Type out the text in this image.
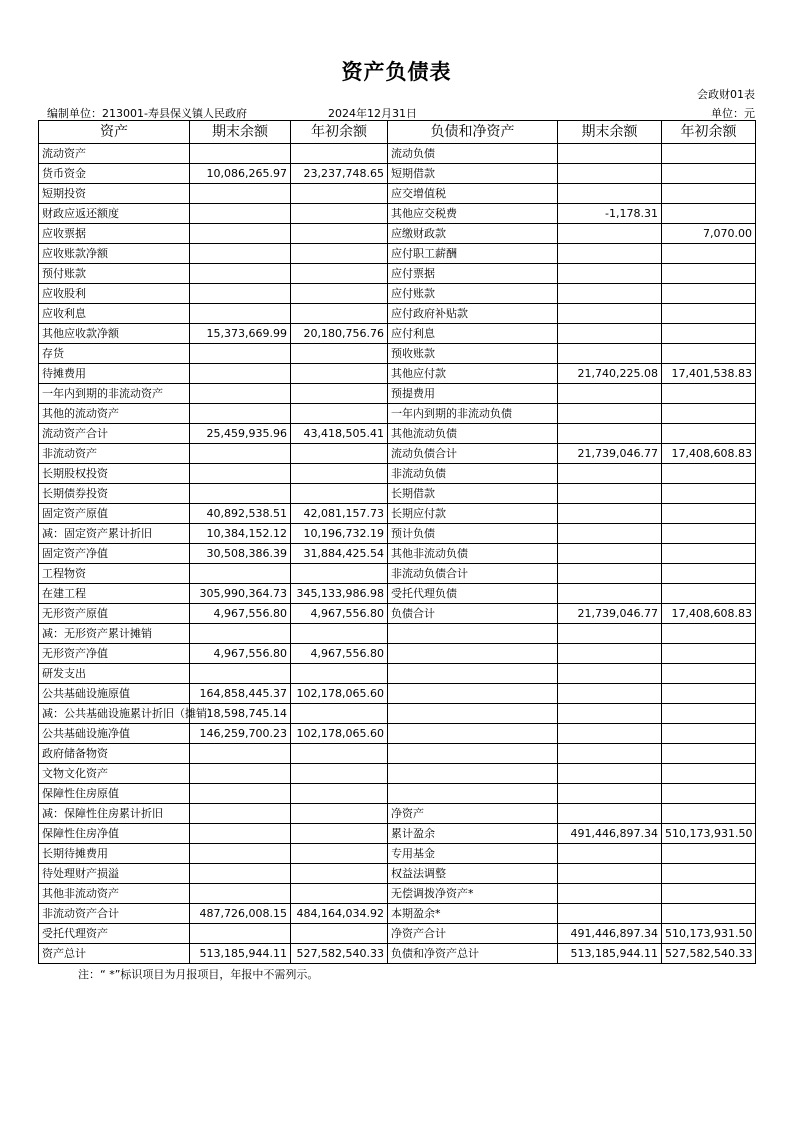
资产负债表
会政财01表
编制单位：213001-寿县保义镇人民政府	2024年12月31日	单位：元
资产	期末余额	年初余额	负债和净资产	期末余额	年初余额
流动资产			流动负债		
货币资金	10,086,265.97	23,237,748.65	短期借款		
短期投资			应交增值税		
财政应返还额度			其他应交税费	-1,178.31	
应收票据			应缴财政款		7,070.00
应收账款净额			应付职工薪酬		
预付账款			应付票据		
应收股利			应付账款		
应收利息			应付政府补贴款		
其他应收款净额	15,373,669.99	20,180,756.76	应付利息		
存货			预收账款		
待摊费用			其他应付款	21,740,225.08	17,401,538.83
一年内到期的非流动资产			预提费用		
其他的流动资产			一年内到期的非流动负债		
流动资产合计	25,459,935.96	43,418,505.41	其他流动负债		
非流动资产			流动负债合计	21,739,046.77	17,408,608.83
长期股权投资			非流动负债		
长期债券投资			长期借款		
固定资产原值	40,892,538.51	42,081,157.73	长期应付款		
减：固定资产累计折旧	10,384,152.12	10,196,732.19	预计负债		
固定资产净值	30,508,386.39	31,884,425.54	其他非流动负债		
工程物资			非流动负债合计		
在建工程	305,990,364.73	345,133,986.98	受托代理负债		
无形资产原值	4,967,556.80	4,967,556.80	负债合计	21,739,046.77	17,408,608.83
减：无形资产累计摊销					
无形资产净值	4,967,556.80	4,967,556.80			
研发支出					
公共基础设施原值	164,858,445.37	102,178,065.60			
减：公共基础设施累计折旧（摊销）	18,598,745.14				
公共基础设施净值	146,259,700.23	102,178,065.60			
政府储备物资					
文物文化资产					
保障性住房原值					
减：保障性住房累计折旧			净资产		
保障性住房净值			累计盈余	491,446,897.34	510,173,931.50
长期待摊费用			专用基金		
待处理财产损溢			权益法调整		
其他非流动资产			无偿调拨净资产*		
非流动资产合计	487,726,008.15	484,164,034.92	本期盈余*		
受托代理资产			净资产合计	491,446,897.34	510,173,931.50
资产总计	513,185,944.11	527,582,540.33	负债和净资产总计	513,185,944.11	527,582,540.33
注：“ *”标识项目为月报项目，年报中不需列示。
